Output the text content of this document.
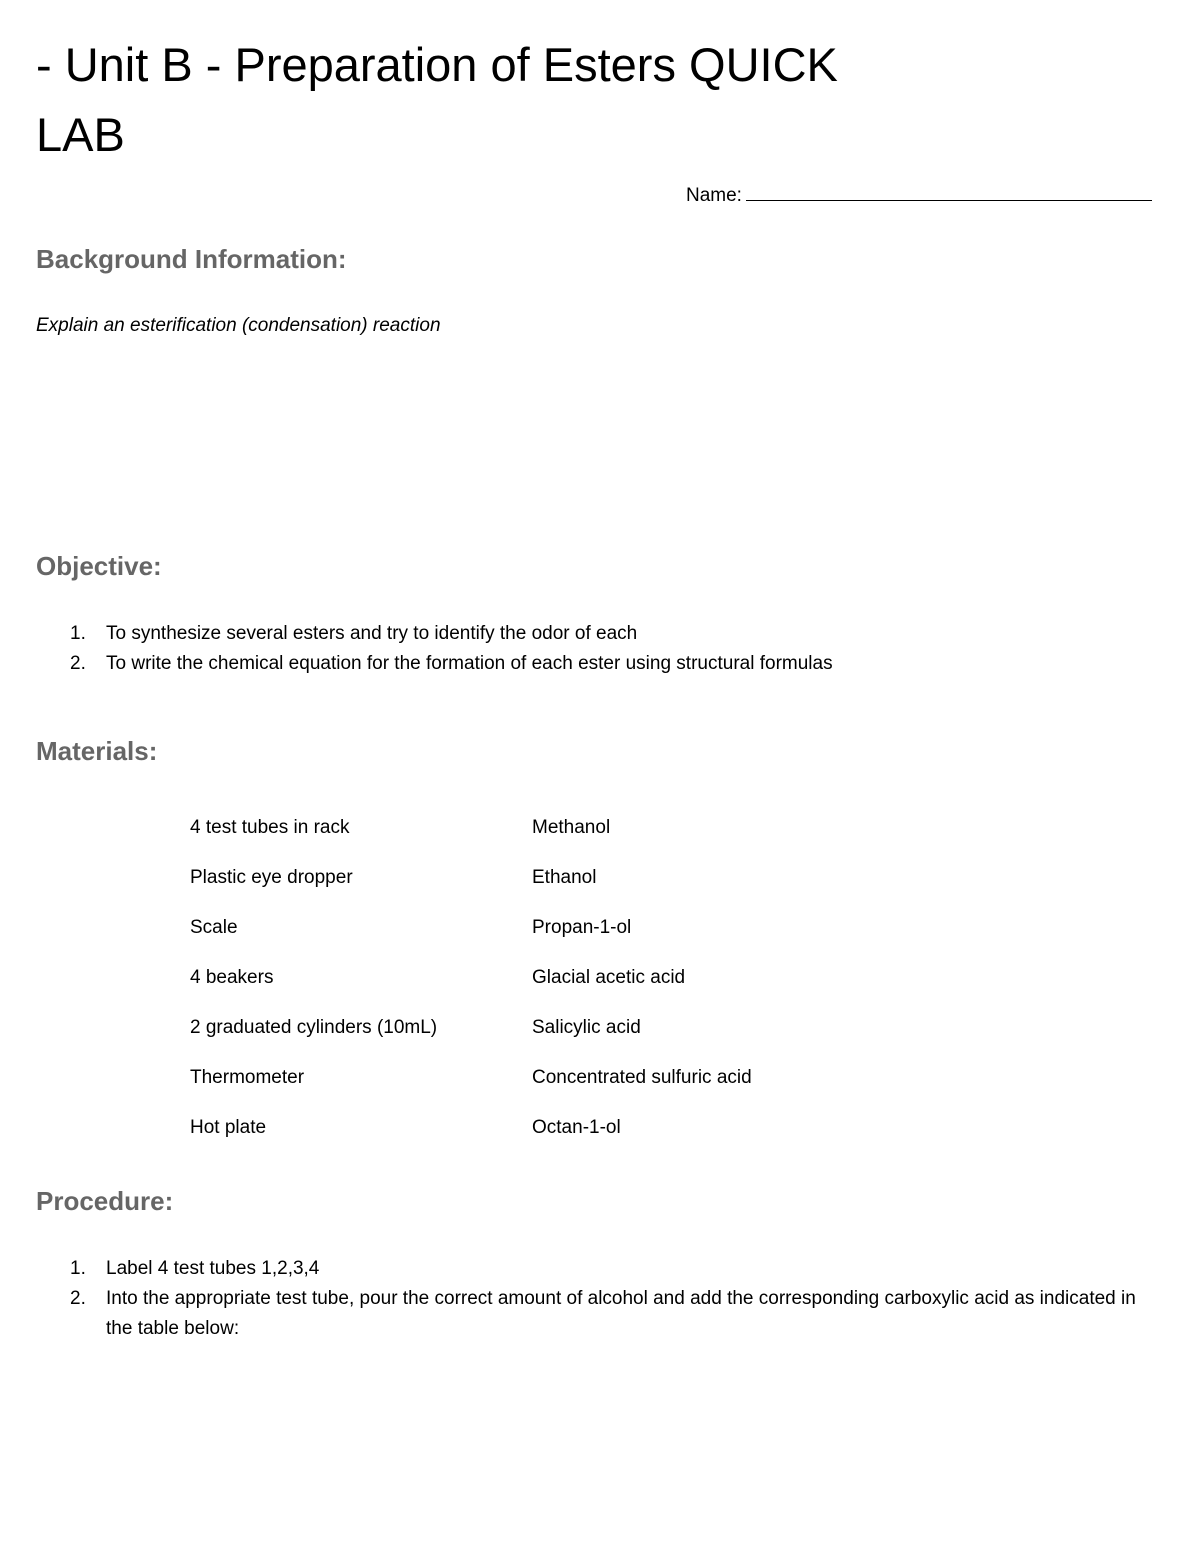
- Unit B - Preparation of Esters QUICK LAB
Name:
Background Information:
Explain an esterification (condensation) reaction
Objective:
1. To synthesize several esters and try to identify the odor of each
2. To write the chemical equation for the formation of each ester using structural formulas
Materials:
4 test tubes in rack	Methanol
Plastic eye dropper	Ethanol
Scale	Propan-1-ol
4 beakers	Glacial acetic acid
2 graduated cylinders (10mL)	Salicylic acid
Thermometer	Concentrated sulfuric acid
Hot plate	Octan-1-ol
Procedure:
1. Label 4 test tubes 1,2,3,4
2. Into the appropriate test tube, pour the correct amount of alcohol and add the corresponding carboxylic acid as indicated in the table below:
